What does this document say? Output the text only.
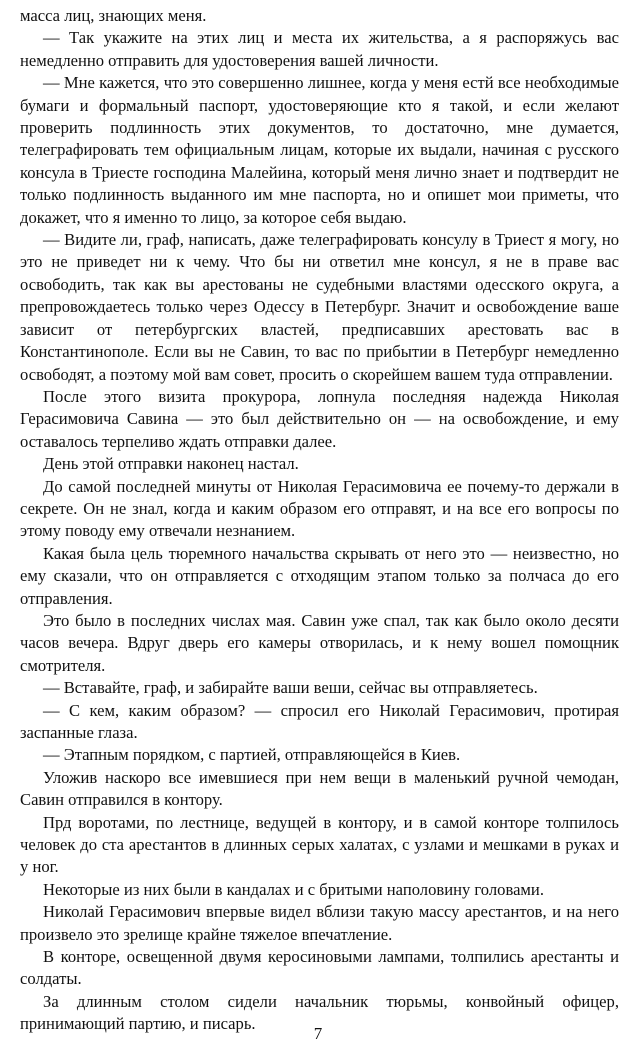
масса лиц, знающих меня.

— Так укажите на этих лиц и места их жительства, а я распоряжусь вас немедленно отправить для удостоверения вашей личности.

— Мне кажется, что это совершенно лишнее, когда у меня естй все необходимые бумаги и формальный паспорт, удостоверяющие кто я такой, и если желают проверить подлинность этих документов, то достаточно, мне думается, телеграфировать тем официальным лицам, которые их выдали, начиная с русского консула в Триесте господина Малейина, который меня лично знает и подтвердит не только подлинность выданного им мне паспорта, но и опишет мои приметы, что докажет, что я именно то лицо, за которое себя выдаю.

— Видите ли, граф, написать, даже телеграфировать консулу в Триест я могу, но это не приведет ни к чему. Что бы ни ответил мне консул, я не в праве вас освободить, так как вы арестованы не судебными властями одесского округа, а препровождаетесь только через Одессу в Петербург. Значит и освобождение ваше зависит от петербургских властей, предписавших арестовать вас в Константинополе. Если вы не Савин, то вас по прибытии в Петербург немедленно освободят, а поэтому мой вам совет, просить о скорейшем вашем туда отправлении.

После этого визита прокурора, лопнула последняя надежда Николая Герасимовича Савина — это был действительно он — на освобождение, и ему оставалось терпеливо ждать отправки далее.

День этой отправки наконец настал.

До самой последней минуты от Николая Герасимовича ее почему-то держали в секрете. Он не знал, когда и каким образом его отправят, и на все его вопросы по этому поводу ему отвечали незнанием.

Какая была цель тюремного начальства скрывать от него это — неизвестно, но ему сказали, что он отправляется с отходящим этапом только за полчаса до его отправления.

Это было в последних числах мая. Савин уже спал, так как было около десяти часов вечера. Вдруг дверь его камеры отворилась, и к нему вошел помощник смотрителя.

— Вставайте, граф, и забирайте ваши веши, сейчас вы отправляетесь.

— С кем, каким образом? — спросил его Николай Герасимович, протирая заспанные глаза.

— Этапным порядком, с партией, отправляющейся в Киев.

Уложив наскоро все имевшиеся при нем вещи в маленький ручной чемодан, Савин отправился в контору.

Прд воротами, по лестнице, ведущей в контору, и в самой конторе толпилось человек до ста арестантов в длинных серых халатах, с узлами и мешками в руках и у ног.

Некоторые из них были в кандалах и с бритыми наполовину головами.

Николай Герасимович впервые видел вблизи такую массу арестантов, и на него произвело это зрелище крайне тяжелое впечатление.

В конторе, освещенной двумя керосиновыми лампами, толпились арестанты и солдаты.

За длинным столом сидели начальник тюрьмы, конвойный офицер, принимающий партию, и писарь.

7
